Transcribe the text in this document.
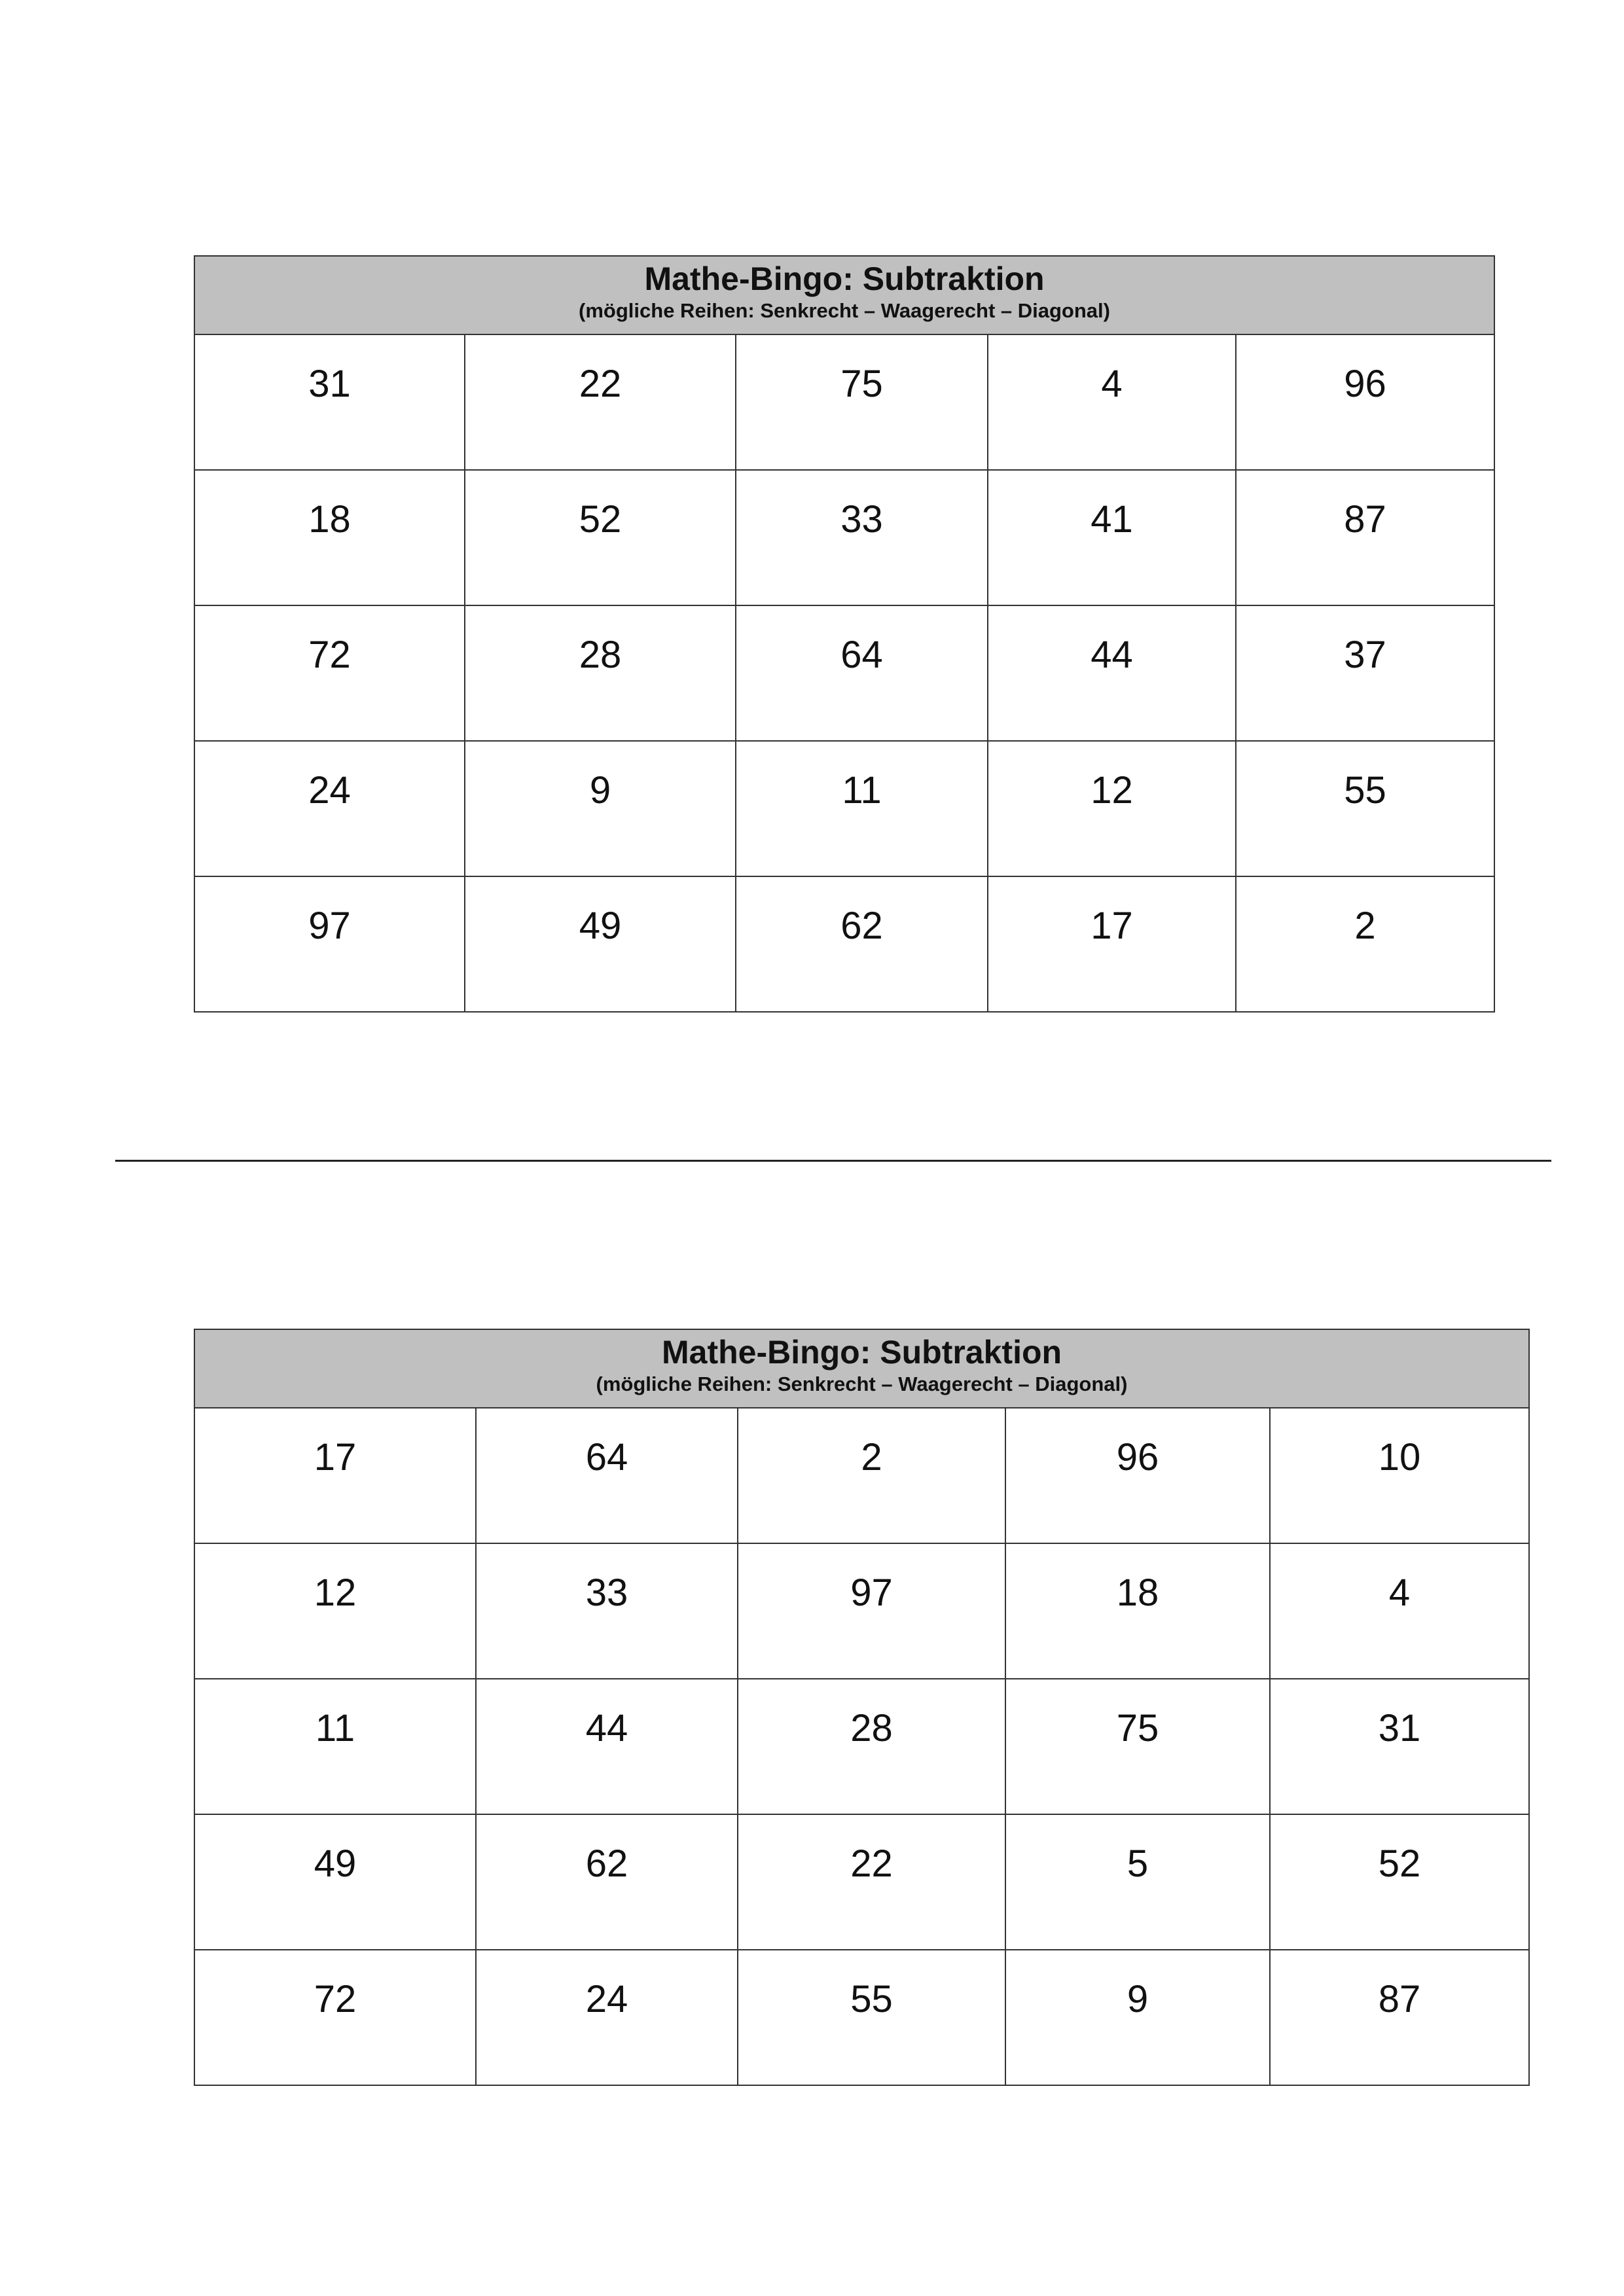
Mathe-Bingo: Subtraktion
(mögliche Reihen: Senkrecht – Waagerecht – Diagonal)				

31	22	75	4	96
18	52	33	41	87
72	28	64	44	37
24	9	11	12	55
97	49	62	17	2
Mathe-Bingo: Subtraktion
(mögliche Reihen: Senkrecht – Waagerecht – Diagonal)				

17	64	2	96	10
12	33	97	18	4
11	44	28	75	31
49	62	22	5	52
72	24	55	9	87
